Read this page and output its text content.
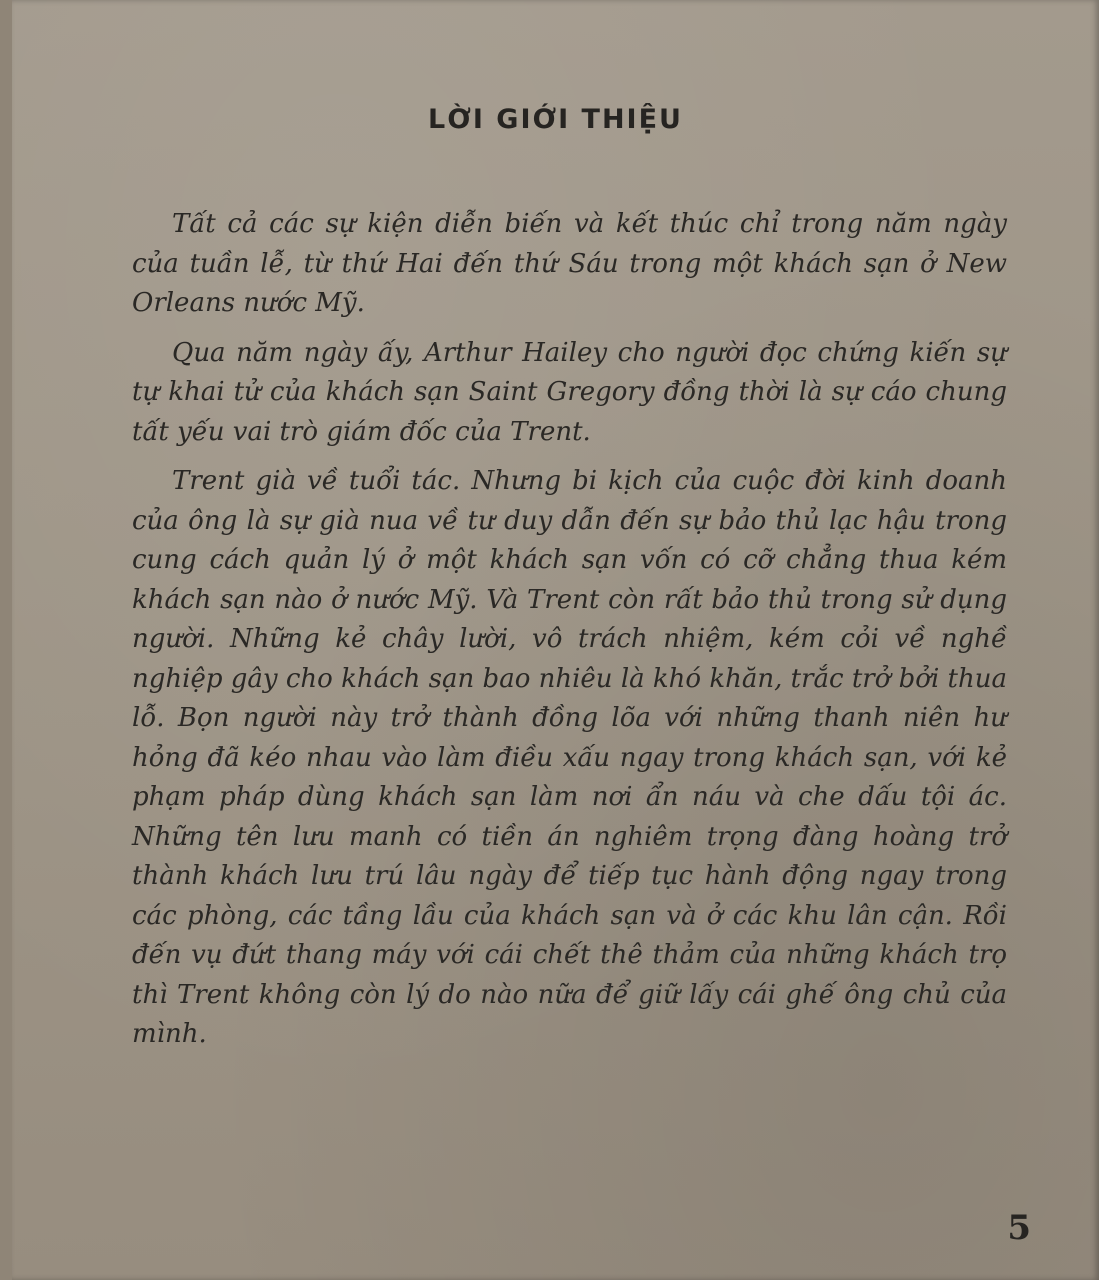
LỜI GIỚI THIỆU

Tất cả các sự kiện diễn biến và kết thúc chỉ trong năm ngày của tuần lễ, từ thứ Hai đến thứ Sáu trong một khách sạn ở New Orleans nước Mỹ.

Qua năm ngày ấy, Arthur Hailey cho người đọc chứng kiến sự tự khai tử của khách sạn Saint Gregory đồng thời là sự cáo chung tất yếu vai trò giám đốc của Trent.

Trent già về tuổi tác. Nhưng bi kịch của cuộc đời kinh doanh của ông là sự già nua về tư duy dẫn đến sự bảo thủ lạc hậu trong cung cách quản lý ở một khách sạn vốn có cỡ chẳng thua kém khách sạn nào ở nước Mỹ. Và Trent còn rất bảo thủ trong sử dụng người. Những kẻ chây lười, vô trách nhiệm, kém cỏi về nghề nghiệp gây cho khách sạn bao nhiêu là khó khăn, trắc trở bởi thua lỗ. Bọn người này trở thành đồng lõa với những thanh niên hư hỏng đã kéo nhau vào làm điều xấu ngay trong khách sạn, với kẻ phạm pháp dùng khách sạn làm nơi ẩn náu và che dấu tội ác. Những tên lưu manh có tiền án nghiêm trọng đàng hoàng trở thành khách lưu trú lâu ngày để tiếp tục hành động ngay trong các phòng, các tầng lầu của khách sạn và ở các khu lân cận. Rồi đến vụ đứt thang máy với cái chết thê thảm của những khách trọ thì Trent không còn lý do nào nữa để giữ lấy cái ghế ông chủ của mình.

5
